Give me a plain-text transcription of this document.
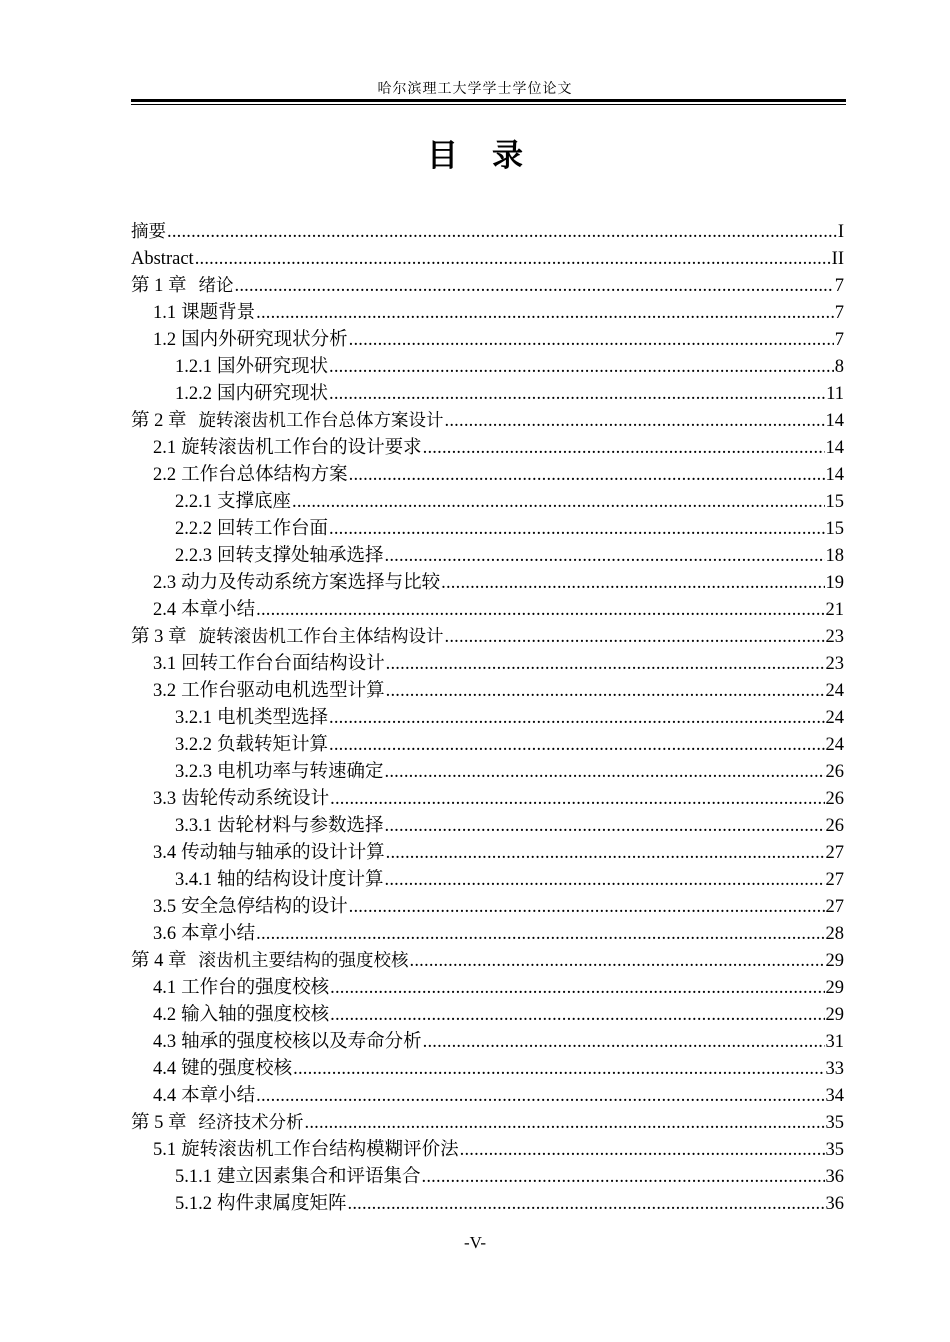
哈尔滨理工大学学士学位论文
目录
摘要 .....	I
Abstract .....	II
第 1 章 绪论 .....	7
1.1 课题背景 .....	7
1.2 国内外研究现状分析 .....	7
1.2.1 国外研究现状 .....	8
1.2.2 国内研究现状 .....	11
第 2 章 旋转滚齿机工作台总体方案设计 .....	14
2.1 旋转滚齿机工作台的设计要求 .....	14
2.2 工作台总体结构方案 .....	14
2.2.1 支撑底座 .....	15
2.2.2 回转工作台面 .....	15
2.2.3 回转支撑处轴承选择 .....	18
2.3 动力及传动系统方案选择与比较 .....	19
2.4 本章小结 .....	21
第 3 章 旋转滚齿机工作台主体结构设计 .....	23
3.1 回转工作台台面结构设计 .....	23
3.2 工作台驱动电机选型计算 .....	24
3.2.1 电机类型选择 .....	24
3.2.2 负载转矩计算 .....	24
3.2.3 电机功率与转速确定 .....	26
3.3 齿轮传动系统设计 .....	26
3.3.1 齿轮材料与参数选择 .....	26
3.4 传动轴与轴承的设计计算 .....	27
3.4.1 轴的结构设计度计算 .....	27
3.5 安全急停结构的设计 .....	27
3.6 本章小结 .....	28
第 4 章 滚齿机主要结构的强度校核 .....	29
4.1 工作台的强度校核 .....	29
4.2 输入轴的强度校核 .....	29
4.3 轴承的强度校核以及寿命分析 .....	31
4.4 键的强度校核 .....	33
4.4 本章小结 .....	34
第 5 章 经济技术分析 .....	35
5.1 旋转滚齿机工作台结构模糊评价法 .....	35
5.1.1 建立因素集合和评语集合 .....	36
5.1.2 构件隶属度矩阵 .....	36
-V-
